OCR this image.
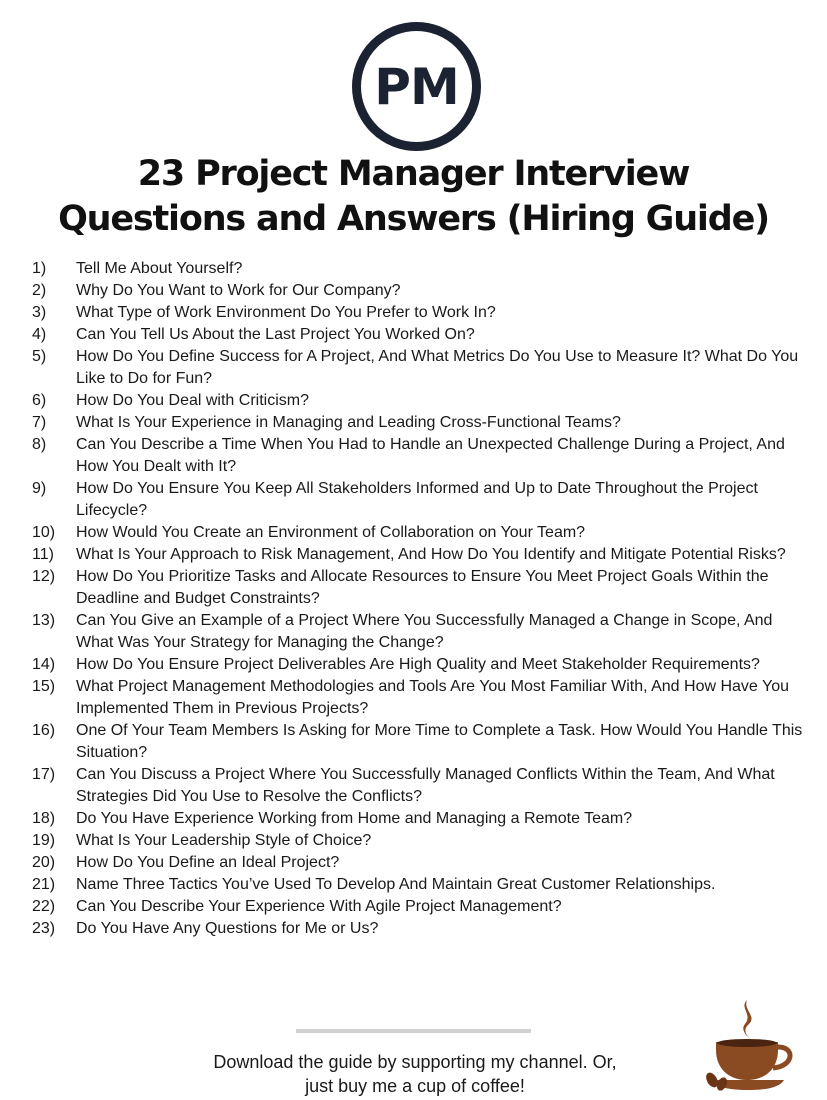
PM
23 Project Manager Interview
Questions and Answers (Hiring Guide)
1)	Tell Me About Yourself?
2)	Why Do You Want to Work for Our Company?
3)	What Type of Work Environment Do You Prefer to Work In?
4)	Can You Tell Us About the Last Project You Worked On?
5)	How Do You Define Success for A Project, And What Metrics Do You Use to Measure It? What Do You Like to Do for Fun?
6)	How Do You Deal with Criticism?
7)	What Is Your Experience in Managing and Leading Cross-Functional Teams?
8)	Can You Describe a Time When You Had to Handle an Unexpected Challenge During a Project, And How You Dealt with It?
9)	How Do You Ensure You Keep All Stakeholders Informed and Up to Date Throughout the Project Lifecycle?
10)	How Would You Create an Environment of Collaboration on Your Team?
11)	What Is Your Approach to Risk Management, And How Do You Identify and Mitigate Potential Risks?
12)	How Do You Prioritize Tasks and Allocate Resources to Ensure You Meet Project Goals Within the Deadline and Budget Constraints?
13)	Can You Give an Example of a Project Where You Successfully Managed a Change in Scope, And What Was Your Strategy for Managing the Change?
14)	How Do You Ensure Project Deliverables Are High Quality and Meet Stakeholder Requirements?
15)	What Project Management Methodologies and Tools Are You Most Familiar With, And How Have You Implemented Them in Previous Projects?
16)	One Of Your Team Members Is Asking for More Time to Complete a Task. How Would You Handle This Situation?
17)	Can You Discuss a Project Where You Successfully Managed Conflicts Within the Team, And What Strategies Did You Use to Resolve the Conflicts?
18)	Do You Have Experience Working from Home and Managing a Remote Team?
19)	What Is Your Leadership Style of Choice?
20)	How Do You Define an Ideal Project?
21)	Name Three Tactics You’ve Used To Develop And Maintain Great Customer Relationships.
22)	Can You Describe Your Experience With Agile Project Management?
23)	Do You Have Any Questions for Me or Us?
Download the guide by supporting my channel. Or,
just buy me a cup of coffee!
